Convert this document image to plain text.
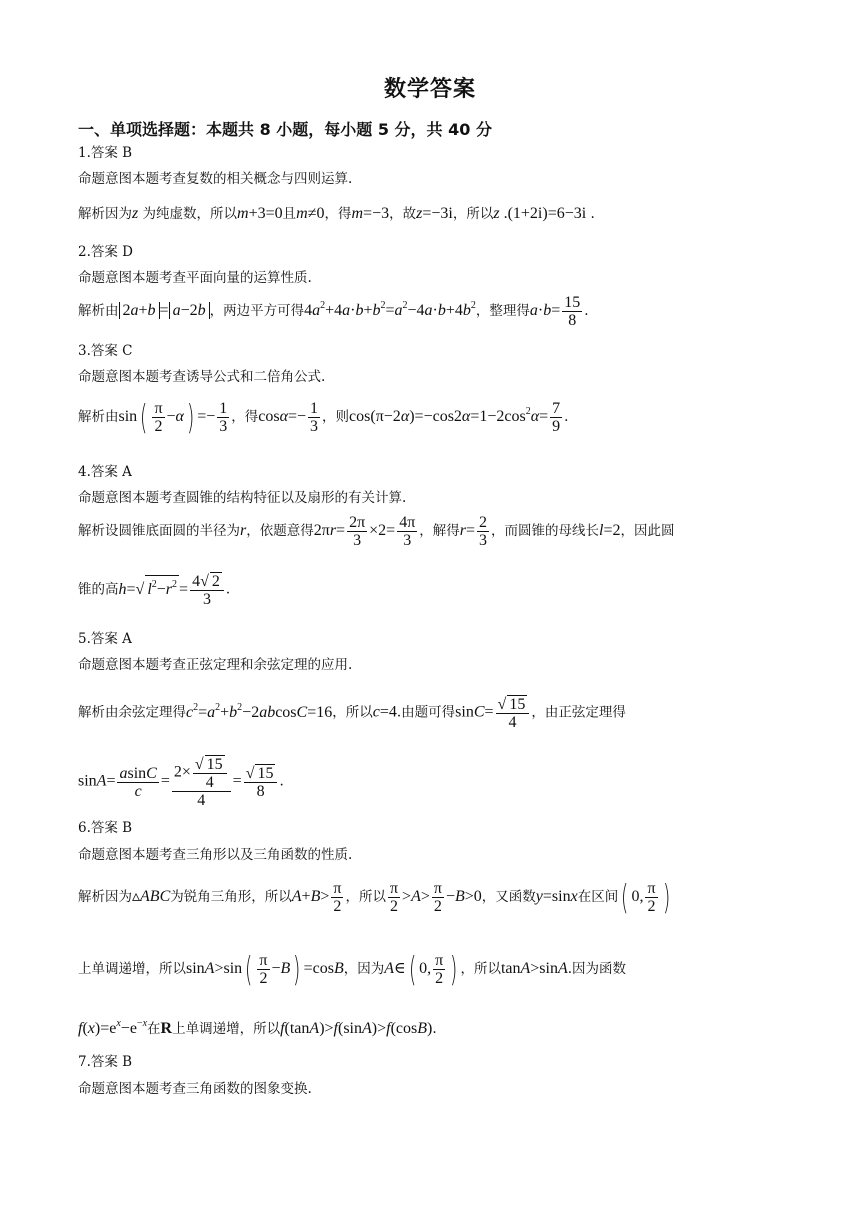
数学答案
一、单项选择题：本题共 8 小题，每小题 5 分，共 40 分
1.答案 B
命题意图本题考查复数的相关概念与四则运算.
解析因为z 为纯虚数，所以m+3=0且m≠0，得m=−3，故z=−3i，所以z .(1+2i)=6−3i .
2.答案 D
命题意图本题考查平面向量的运算性质.
解析由 2a+b = a−2b ，两边平方可得$4a^2+4a\cdot b+b^2=a^2-4a\cdot b+4b^2$，整理得$a\cdot b= \frac{15}{8}$ .
3.答案 C
命题意图本题考查诱导公式和二倍角公式.
解析由$\sin( \frac{\pi}{2} -\alpha) =- \frac{1}{3}$ ，得$\cos\alpha=- \frac{1}{3}$ ，则$\cos(\pi-2\alpha)=-\cos 2\alpha=1-2\cos^2\alpha= \frac{7}{9}$ .
4.答案 A
命题意图本题考查圆锥的结构特征以及扇形的有关计算.
解析设圆锥底面圆的半径为r，依题意得$2\pi r= \frac{2\pi}{3} \times 2= \frac{4\pi}{3}$ ，解得$r= \frac{2}{3}$ ，而圆锥的母线长l=2，因此圆
锥的高h=√ $l^2-r^2 = \frac{4√ 2}{3}$ .
5.答案 A
命题意图本题考查正弦定理和余弦定理的应用.
解析由余弦定理得$c^2=a^2+b^2-2abcosC=16$，所以c=4.由题可得$\sin C= \frac{√ 15}{4}$ ，由正弦定理得
$\sin A= \frac{asinC}{c} = \frac{2\times \frac{√ 15}{4}}{4} = \frac{√ 15}{8}$ .
6.答案 B
命题意图本题考查三角形以及三角函数的性质.
解析因为▵ABC为锐角三角形，所以$A+B> \frac{\pi}{2}$ ，所以 $\frac{\pi}{2} >A> \frac{\pi}{2} -B>0$，又函数y=sinx在区间( 0, $\frac{\pi}{2}$ )
上单调递增，所以$\sin A>\sin( \frac{\pi}{2} -B) =\cos B$，因为A∈( 0, $\frac{\pi}{2}$ ) ，所以tanA>sinA.因为函数
$f(x)=e^x-e^{-x}$在R上单调递增，所以f(tanA)>f(sinA)>f(cosB).
7.答案 B
命题意图本题考查三角函数的图象变换.
